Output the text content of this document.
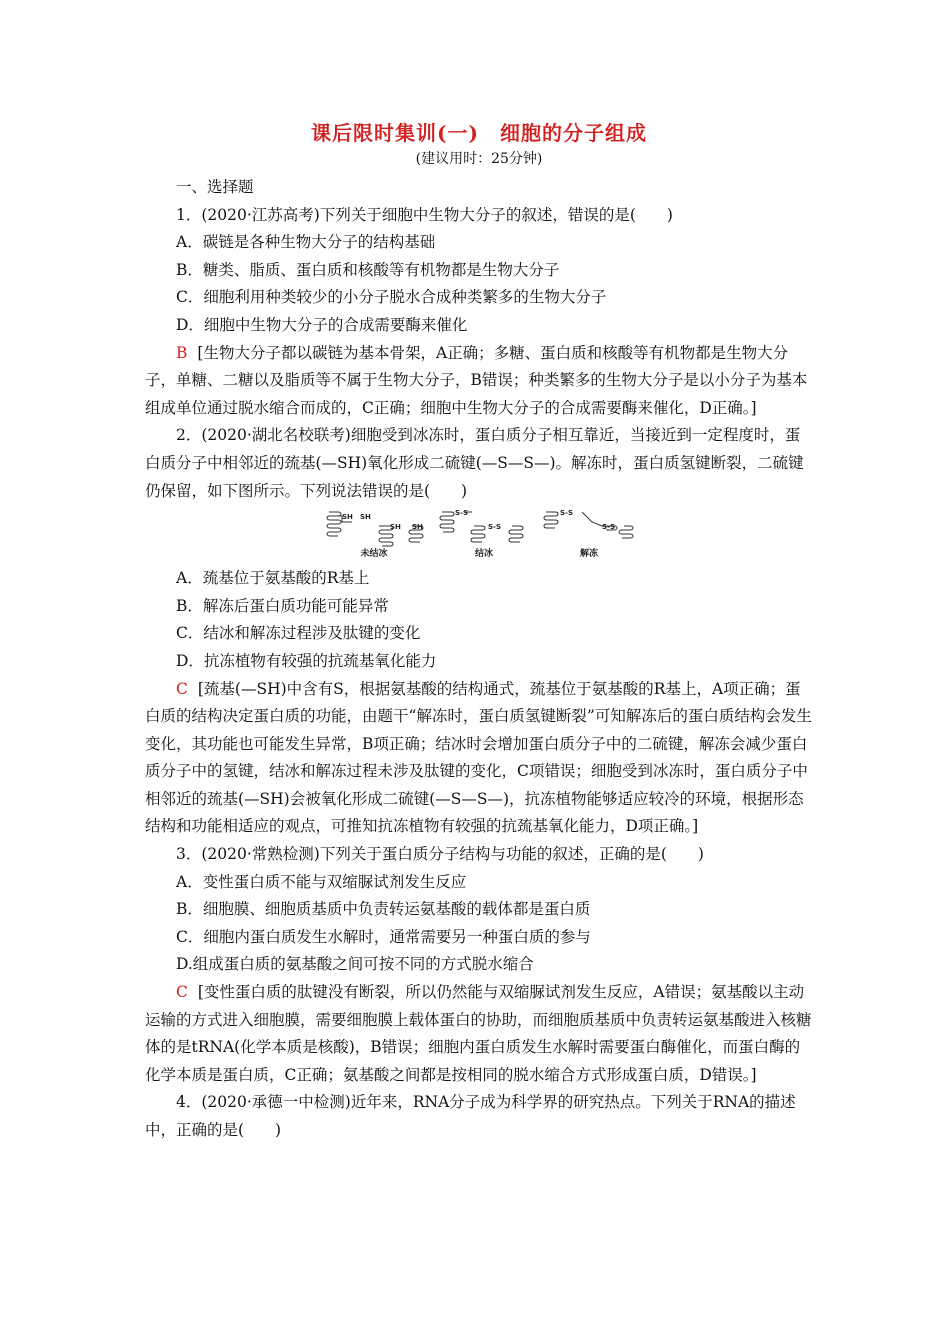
课后限时集训(一)　细胞的分子组成

(建议用时：25分钟)

一、选择题

1．(2020·江苏高考)下列关于细胞中生物大分子的叙述，错误的是(　　)

A．碳链是各种生物大分子的结构基础

B．糖类、脂质、蛋白质和核酸等有机物都是生物大分子

C．细胞利用种类较少的小分子脱水合成种类繁多的生物大分子

D．细胞中生物大分子的合成需要酶来催化

B [生物大分子都以碳链为基本骨架，A正确；多糖、蛋白质和核酸等有机物都是生物大分子，单糖、二糖以及脂质等不属于生物大分子，B错误；种类繁多的生物大分子是以小分子为基本组成单位通过脱水缩合而成的，C正确；细胞中生物大分子的合成需要酶来催化，D正确。]

2．(2020·湖北名校联考)细胞受到冰冻时，蛋白质分子相互靠近，当接近到一定程度时，蛋白质分子中相邻近的巯基(—SH)氧化形成二硫键(—S—S—)。解冻时，蛋白质氢键断裂，二硫键仍保留，如下图所示。下列说法错误的是(　　)

SH SH
SH SH
S-S
S-S
S-S
S-S
未结冰	结冰	解冻

A．巯基位于氨基酸的R基上

B．解冻后蛋白质功能可能异常

C．结冰和解冻过程涉及肽键的变化

D．抗冻植物有较强的抗巯基氧化能力

C [巯基(—SH)中含有S，根据氨基酸的结构通式，巯基位于氨基酸的R基上，A项正确；蛋白质的结构决定蛋白质的功能，由题干“解冻时，蛋白质氢键断裂”可知解冻后的蛋白质结构会发生变化，其功能也可能发生异常，B项正确；结冰时会增加蛋白质分子中的二硫键，解冻会减少蛋白质分子中的氢键，结冰和解冻过程未涉及肽键的变化，C项错误；细胞受到冰冻时，蛋白质分子中相邻近的巯基(—SH)会被氧化形成二硫键(—S—S—)，抗冻植物能够适应较冷的环境，根据形态结构和功能相适应的观点，可推知抗冻植物有较强的抗巯基氧化能力，D项正确。]

3．(2020·常熟检测)下列关于蛋白质分子结构与功能的叙述，正确的是(　　)

A．变性蛋白质不能与双缩脲试剂发生反应

B．细胞膜、细胞质基质中负责转运氨基酸的载体都是蛋白质

C．细胞内蛋白质发生水解时，通常需要另一种蛋白质的参与

D.组成蛋白质的氨基酸之间可按不同的方式脱水缩合

C [变性蛋白质的肽键没有断裂，所以仍然能与双缩脲试剂发生反应，A错误；氨基酸以主动运输的方式进入细胞膜，需要细胞膜上载体蛋白的协助，而细胞质基质中负责转运氨基酸进入核糖体的是tRNA(化学本质是核酸)，B错误；细胞内蛋白质发生水解时需要蛋白酶催化，而蛋白酶的化学本质是蛋白质，C正确；氨基酸之间都是按相同的脱水缩合方式形成蛋白质，D错误。]

4．(2020·承德一中检测)近年来，RNA分子成为科学界的研究热点。下列关于RNA的描述中，正确的是(　　)
